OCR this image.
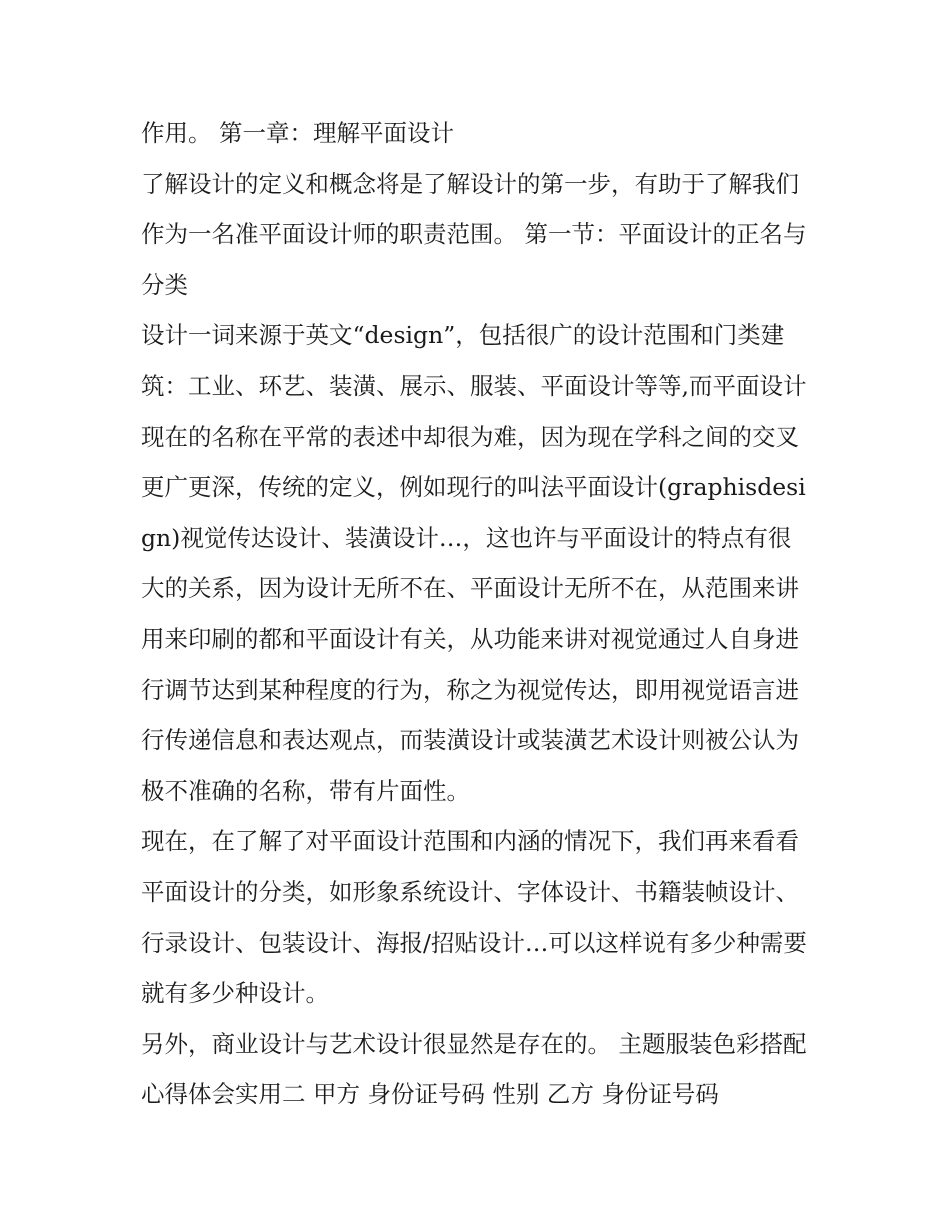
作用。 第一章：理解平面设计

了解设计的定义和概念将是了解设计的第一步，有助于了解我们作为一名准平面设计师的职责范围。 第一节：平面设计的正名与分类

设计一词来源于英文“design”，包括很广的设计范围和门类建筑：工业、环艺、装潢、展示、服装、平面设计等等,而平面设计现在的名称在平常的表述中却很为难，因为现在学科之间的交叉更广更深，传统的定义，例如现行的叫法平面设计(graphisdesign)视觉传达设计、装潢设计…，这也许与平面设计的特点有很大的关系，因为设计无所不在、平面设计无所不在，从范围来讲用来印刷的都和平面设计有关，从功能来讲对视觉通过人自身进行调节达到某种程度的行为，称之为视觉传达，即用视觉语言进行传递信息和表达观点，而装潢设计或装潢艺术设计则被公认为极不准确的名称，带有片面性。

现在，在了解了对平面设计范围和内涵的情况下，我们再来看看平面设计的分类，如形象系统设计、字体设计、书籍装帧设计、行录设计、包装设计、海报/招贴设计…可以这样说有多少种需要就有多少种设计。

另外，商业设计与艺术设计很显然是存在的。 主题服装色彩搭配心得体会实用二 甲方 身份证号码 性别 乙方 身份证号码
